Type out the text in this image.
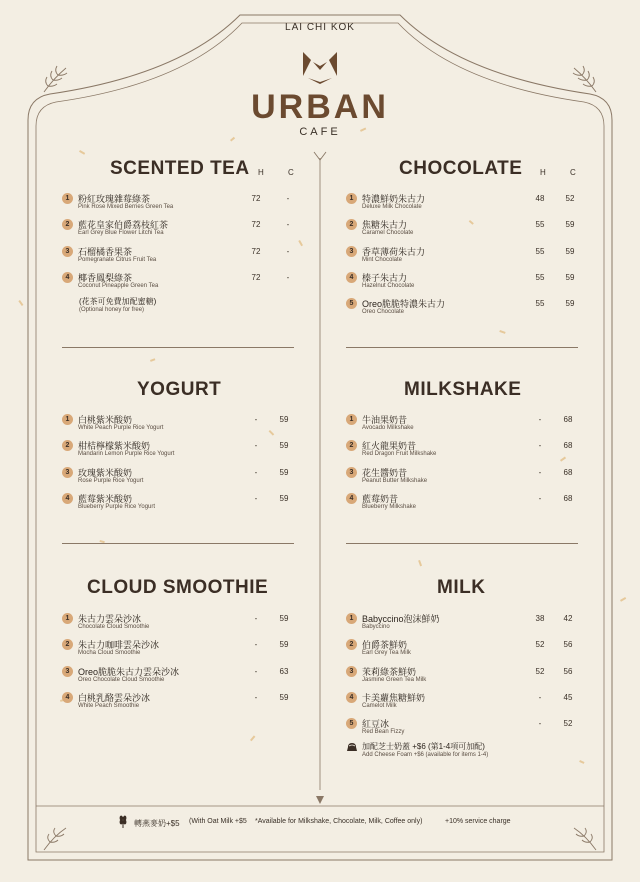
LAI CHI KOK
URBAN
CAFE
SCENTED TEA H	C
1 粉紅玫瑰雜莓綠茶
Pink Rose Mixed Berries Green Tea
72	-
2 藍花皇家伯爵荔枝紅茶
Earl Grey Blue Flower Litchi Tea
72	-
3 石榴橘香果茶
Pomegranate Citrus Fruit Tea
72	-
4 椰香鳳梨綠茶
Coconut Pineapple Green Tea
72	-
(花茶可免費加配蜜糖)
(Optional honey for free)
CHOCOLATE H	C
1 特濃鮮奶朱古力
Deluxe Milk Chocolate
48	52
2 焦糖朱古力
Caramel Chocolate
55	59
3 香草薄荷朱古力
Mint Chocolate
55	59
4 榛子朱古力
Hazelnut Chocolate
55	59
5 Oreo脆脆特濃朱古力
Oreo Chocolate
55	59
YOGURT
1 白桃紫米酸奶
White Peach Purple Rice Yogurt
-	59
2 柑桔檸檬紫米酸奶
Mandarin Lemon Purple Rice Yogurt
-	59
3 玫瑰紫米酸奶
Rose Purple Rice Yogurt
-	59
4 藍莓紫米酸奶
Blueberry Purple Rice Yogurt
-	59
MILKSHAKE
1 牛油果奶昔
Avocado Milkshake
-	68
2 紅火龍果奶昔
Red Dragon Fruit Milkshake
-	68
3 花生醬奶昔
Peanut Butter Milkshake
-	68
4 藍莓奶昔
Blueberry Milkshake
-	68
CLOUD SMOOTHIE
1 朱古力雲朵沙冰
Chocolate Cloud Smoothie
-	59
2 朱古力咖啡雲朵沙冰
Mocha Cloud Smoothie
-	59
3 Oreo脆脆朱古力雲朵沙冰
Oreo Chocolate Cloud Smoothie
-	63
4 白桃乳酪雲朵沙冰
White Peach Smoothie
-	59
MILK
1 Babyccino泡沫鮮奶
Babyccino
38	42
2 伯爵茶鮮奶
Earl Grey Tea Milk
52	56
3 茉莉綠茶鮮奶
Jasmine Green Tea Milk
52	56
4 卡美蘿焦糖鮮奶
Camelot Milk
-	45
5 紅豆冰
Red Bean Fizzy
-	52
加配芝士奶蓋 +$6 (第1-4項可加配)
Add Cheese Foam +$6 (available for items 1-4)
轉燕麥奶+$5 (With Oat Milk +$5 *Available for Milkshake, Chocolate, Milk, Coffee only)	+10% service charge
